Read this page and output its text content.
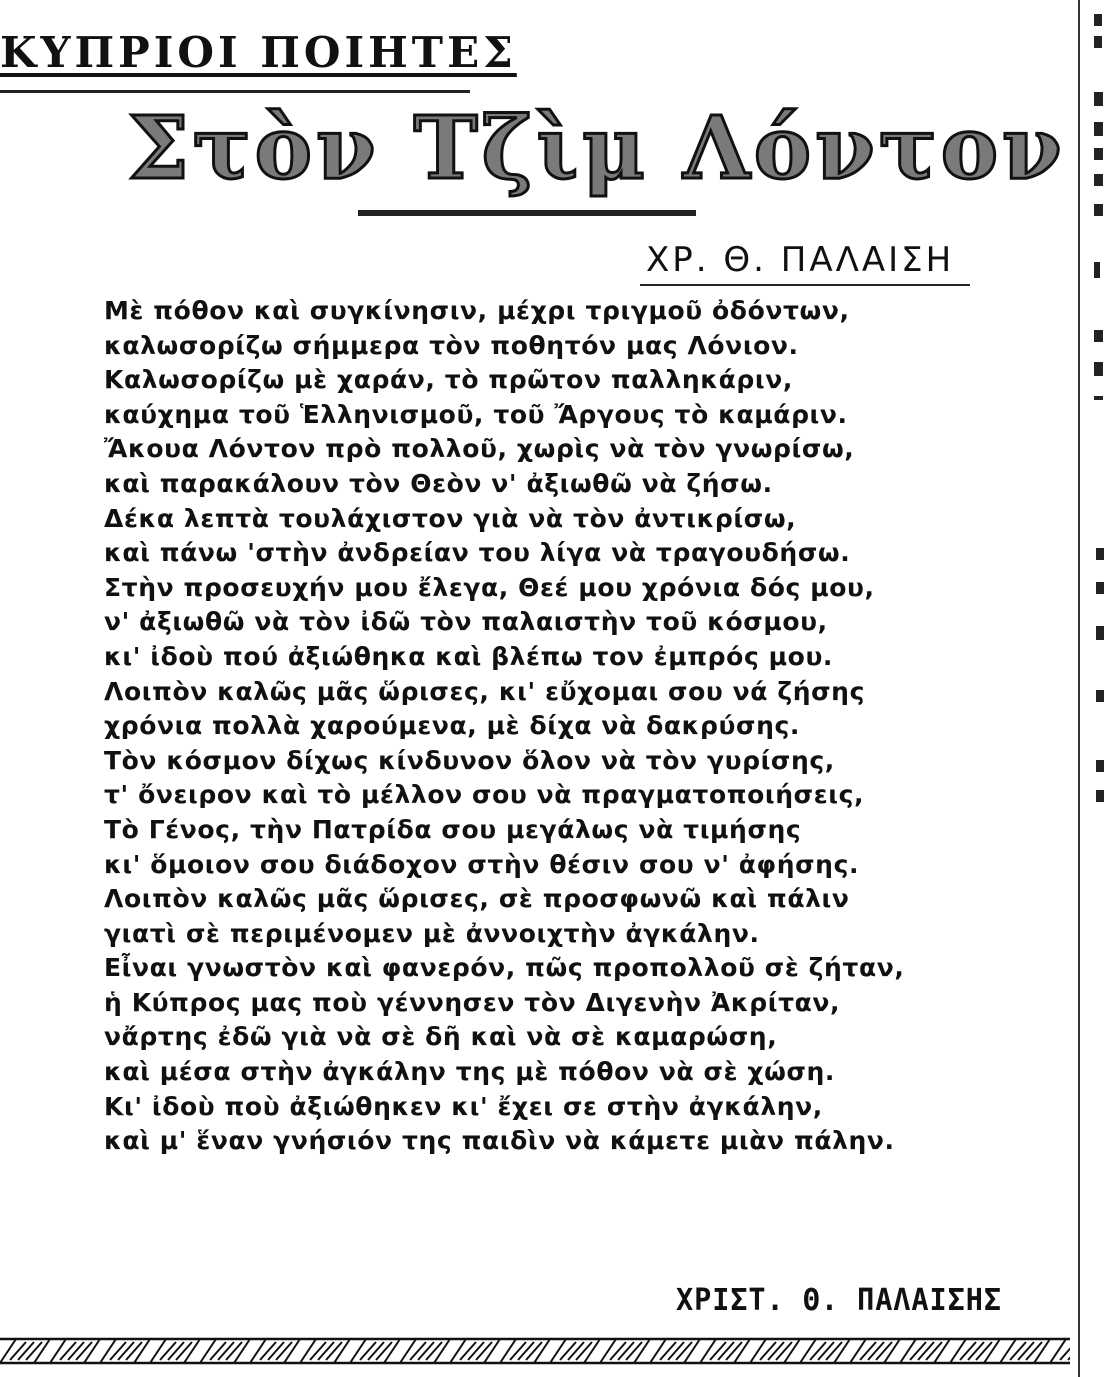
ΚΥΠΡΙΟΙ ΠΟΙΗΤΕΣ
Στὸν Τζὶμ Λόντον
ΧΡ. Θ. ΠΑΛΑΙΣΗ
Μὲ πόθον καὶ συγκίνησιν, μέχρι τριγμοῦ ὀδόντων,
καλωσορίζω σήμμερα τὸν ποθητόν μας Λόνιον.
Καλωσορίζω μὲ χαράν, τὸ πρῶτον παλληκάριν,
καύχημα τοῦ Ἑλληνισμοῦ, τοῦ Ἄργους τὸ καμάριν.
Ἄκουα Λόντον πρὸ πολλοῦ, χωρὶς νὰ τὸν γνωρίσω,
καὶ παρακάλουν τὸν Θεὸν ν' ἀξιωθῶ νὰ ζήσω.
Δέκα λεπτὰ τουλάχιστον γιὰ νὰ τὸν ἀντικρίσω,
καὶ πάνω 'στὴν ἀνδρείαν του λίγα νὰ τραγουδήσω.
Στὴν προσευχήν μου ἔλεγα, Θεέ μου χρόνια δός μου,
ν' ἀξιωθῶ νὰ τὸν ἰδῶ τὸν παλαιστὴν τοῦ κόσμου,
κι' ἰδοὺ πού ἀξιώθηκα καὶ βλέπω τον ἐμπρός μου.
Λοιπὸν καλῶς μᾶς ὥρισες, κι' εὔχομαι σου νά ζήσης
χρόνια πολλὰ χαρούμενα, μὲ δίχα νὰ δακρύσης.
Τὸν κόσμον δίχως κίνδυνον ὅλον νὰ τὸν γυρίσης,
τ' ὄνειρον καὶ τὸ μέλλον σου νὰ πραγματοποιήσεις,
Τὸ Γένος, τὴν Πατρίδα σου μεγάλως νὰ τιμήσης
κι' ὅμοιον σου διάδοχον στὴν θέσιν σου ν' ἀφήσης.
Λοιπὸν καλῶς μᾶς ὥρισες, σὲ προσφωνῶ καὶ πάλιν
γιατὶ σὲ περιμένομεν μὲ ἀννοιχτὴν ἀγκάλην.
Εἶναι γνωστὸν καὶ φανερόν, πῶς προπολλοῦ σὲ ζήταν,
ἡ Κύπρος μας ποὺ γέννησεν τὸν Διγενὴν Ἀκρίταν,
νἄρτης ἐδῶ γιὰ νὰ σὲ δῆ καὶ νὰ σὲ καμαρώση,
καὶ μέσα στὴν ἀγκάλην της μὲ πόθον νὰ σὲ χώση.
Κι' ἰδοὺ ποὺ ἀξιώθηκεν κι' ἔχει σε στὴν ἀγκάλην,
καὶ μ' ἕναν γνήσιόν της παιδὶν νὰ κάμετε μιὰν πάλην.
ΧΡΙΣΤ. Θ. ΠΑΛΑΙΣΗΣ
